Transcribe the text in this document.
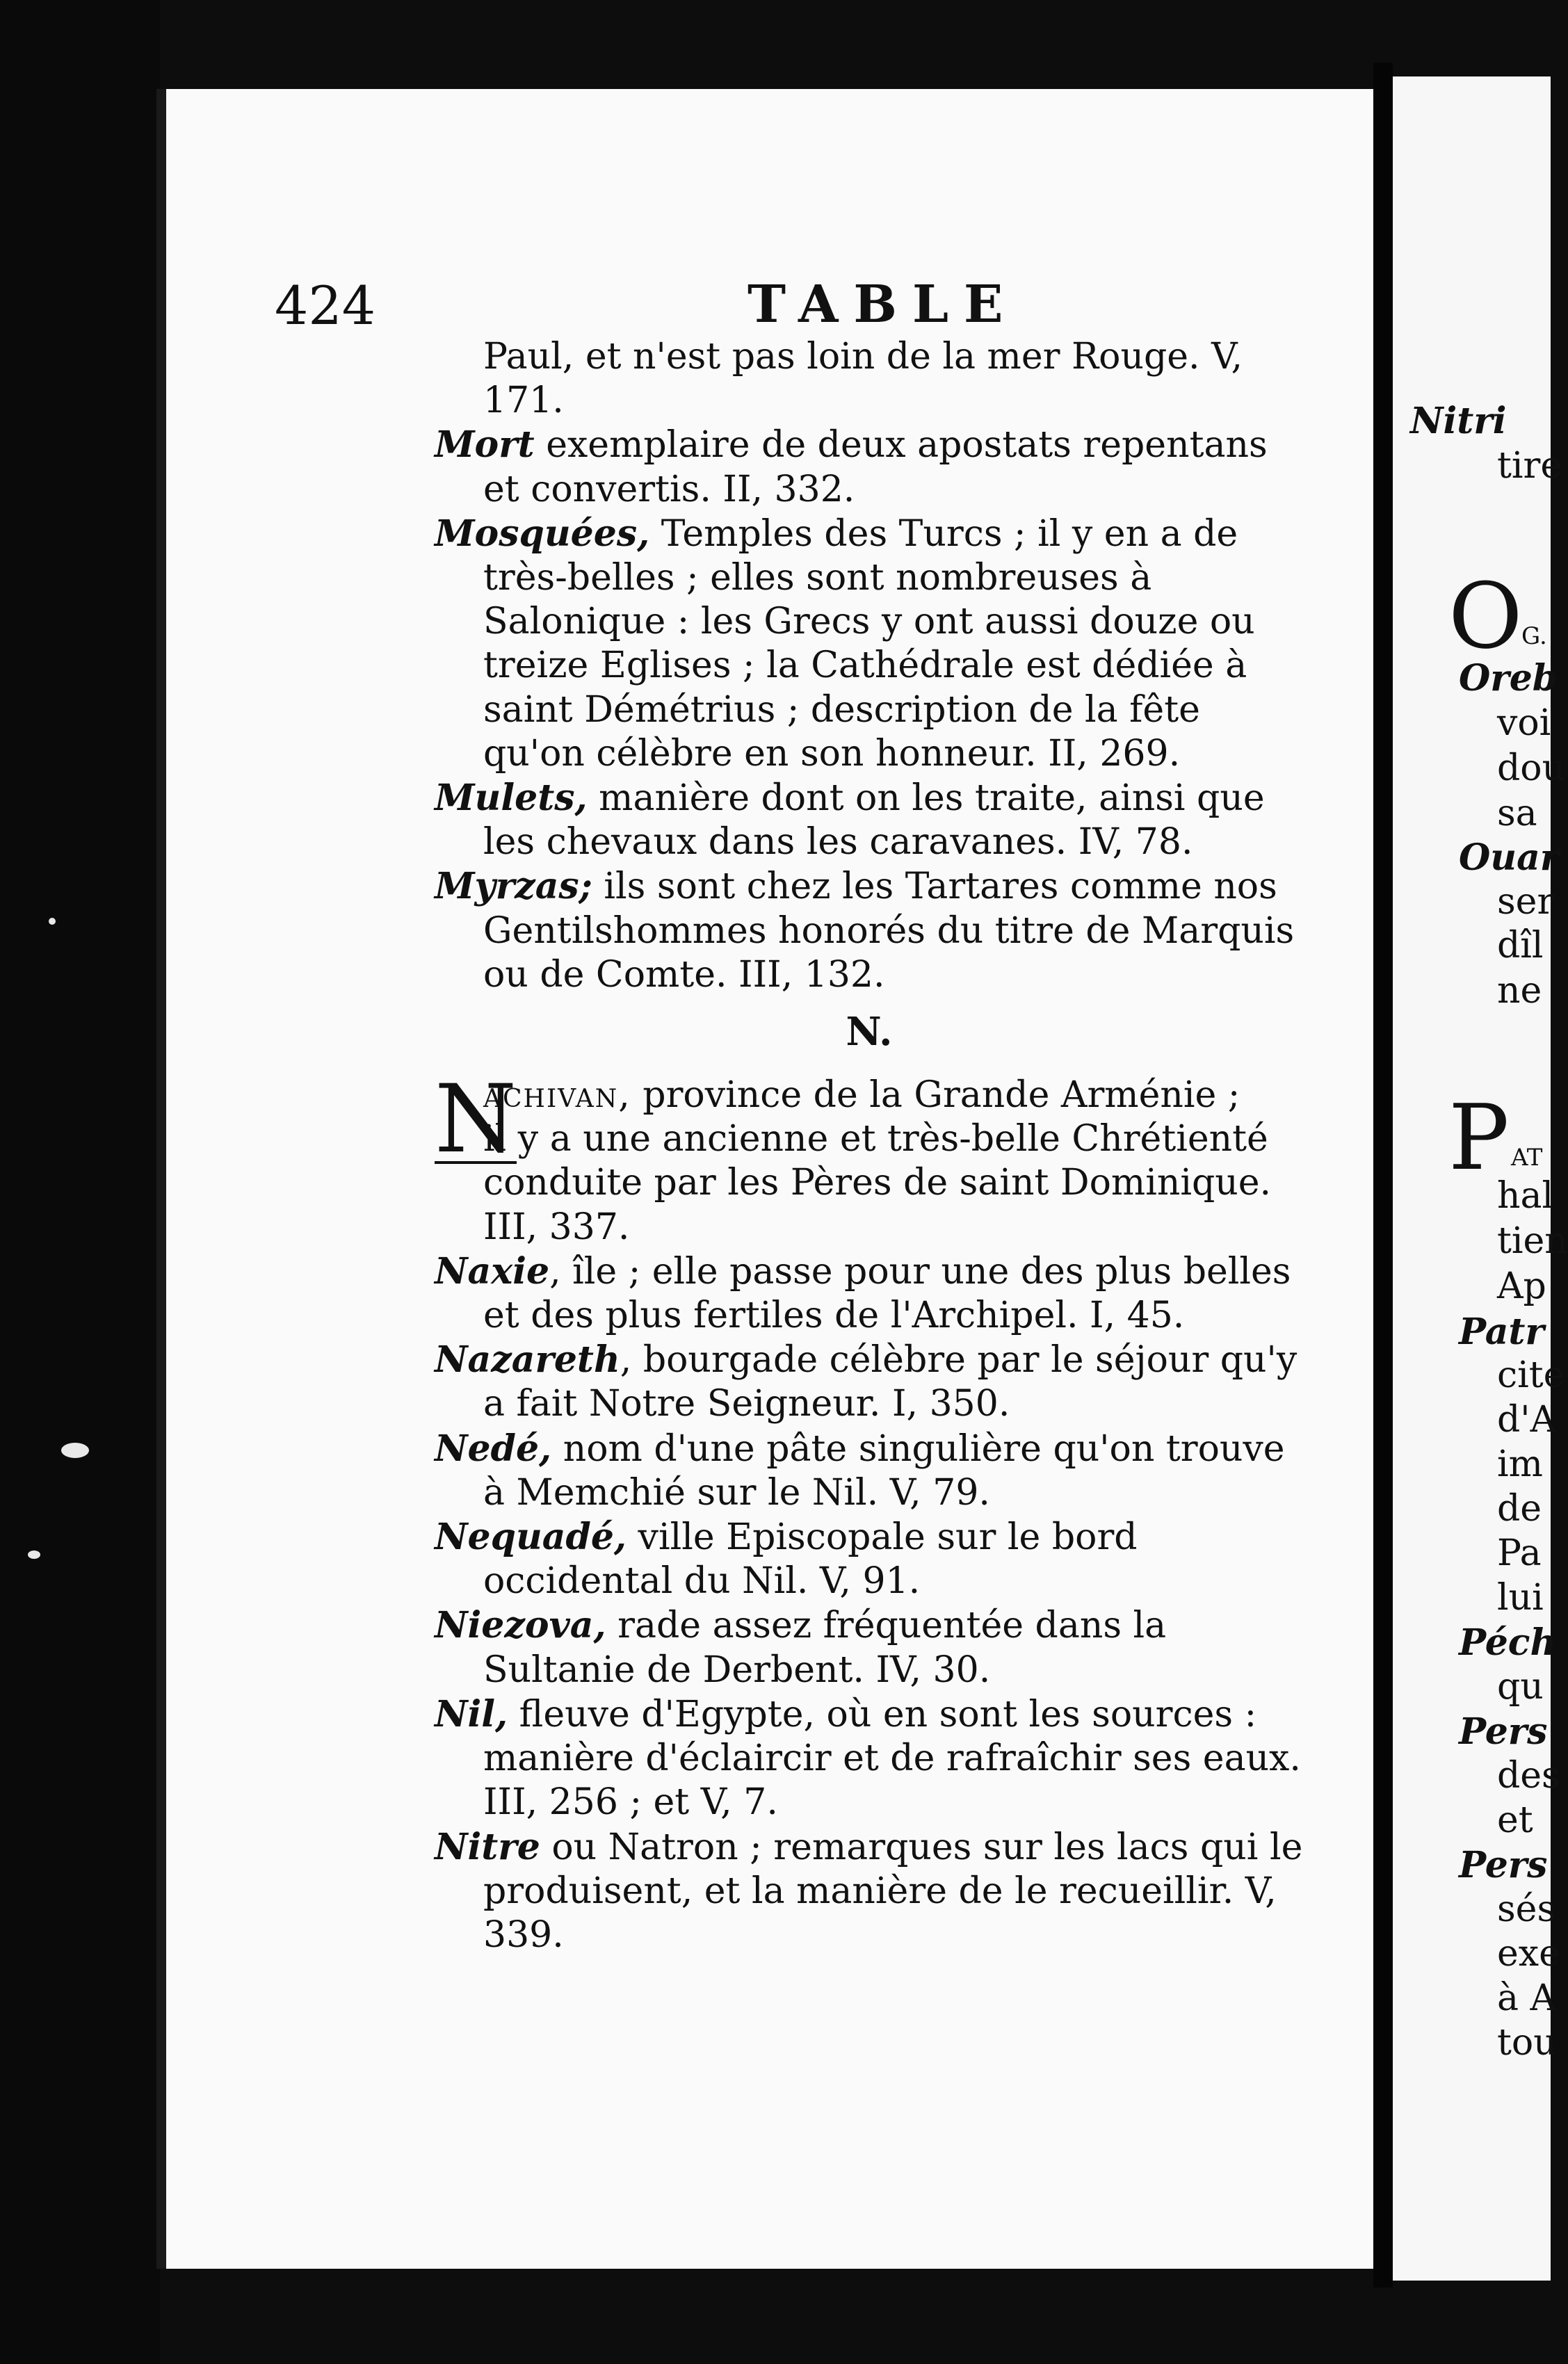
Nitri
tire
O
G.
Oreb
voi
dou
sa
Ouar
ser
dîl
ne
P AT
hal
tien
Ap
Patr
cite
d'A
im
de
Pa
lui
Péch
qu
Pers
des
et
Pers
sés
exe
à A
tou
424	TABLE

Paul, et n'est pas loin de la mer Rouge. V, 171.

Mort exemplaire de deux apostats repentans et convertis. II, 332.

Mosquées, Temples des Turcs ; il y en a de très-belles ; elles sont nombreuses à Salonique : les Grecs y ont aussi douze ou treize Eglises ; la Cathédrale est dédiée à saint Démétrius ; description de la fête qu'on célèbre en son honneur. II, 269.

Mulets, manière dont on les traite, ainsi que les chevaux dans les caravanes. IV, 78.

Myrzas; ils sont chez les Tartares comme nos Gentilshommes honorés du titre de Marquis ou de Comte. III, 132.

N.
N
achivan, province de la Grande Arménie ;

il y a une ancienne et très-belle Chrétienté conduite par les Pères de saint Dominique. III, 337.

Naxie, île ; elle passe pour une des plus belles et des plus fertiles de l'Archipel. I, 45.

Nazareth, bourgade célèbre par le séjour qu'y a fait Notre Seigneur. I, 350.

Nedé, nom d'une pâte singulière qu'on trouve à Memchié sur le Nil. V, 79.

Nequadé, ville Episcopale sur le bord occidental du Nil. V, 91.

Niezova, rade assez fréquentée dans la Sultanie de Derbent. IV, 30.

Nil, fleuve d'Egypte, où en sont les sources : manière d'éclaircir et de rafraîchir ses eaux. III, 256 ; et V, 7.

Nitre ou Natron ; remarques sur les lacs qui le produisent, et la manière de le recueillir. V, 339.
